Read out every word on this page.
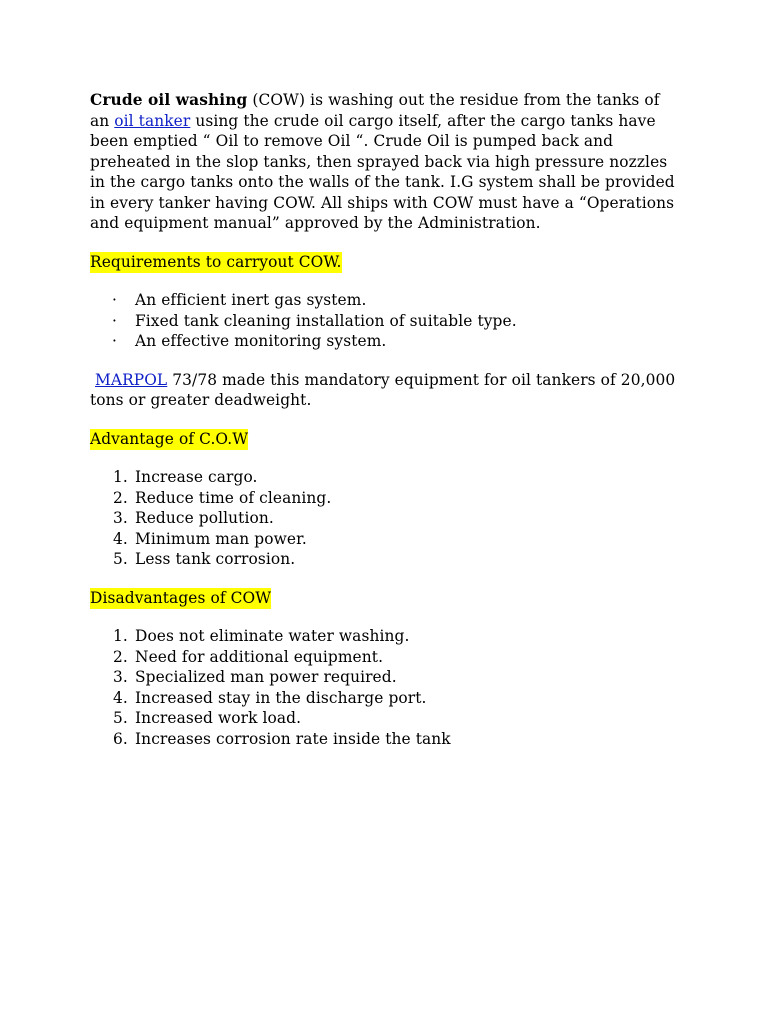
Crude oil washing (COW) is washing out the residue from the tanks of an oil tanker using the crude oil cargo itself, after the cargo tanks have been emptied “ Oil to remove Oil “. Crude Oil is pumped back and preheated in the slop tanks, then sprayed back via high pressure nozzles in the cargo tanks onto the walls of the tank. I.G system shall be provided in every tanker having COW. All ships with COW must have a “Operations and equipment manual” approved by the Administration.

Requirements to carryout COW.

· An efficient inert gas system.
· Fixed tank cleaning installation of suitable type.
· An effective monitoring system.

MARPOL 73/78 made this mandatory equipment for oil tankers of 20,000 tons or greater deadweight.

Advantage of C.O.W

1. Increase cargo.
2. Reduce time of cleaning.
3. Reduce pollution.
4. Minimum man power.
5. Less tank corrosion.

Disadvantages of COW

1. Does not eliminate water washing.
2. Need for additional equipment.
3. Specialized man power required.
4. Increased stay in the discharge port.
5. Increased work load.
6. Increases corrosion rate inside the tank
